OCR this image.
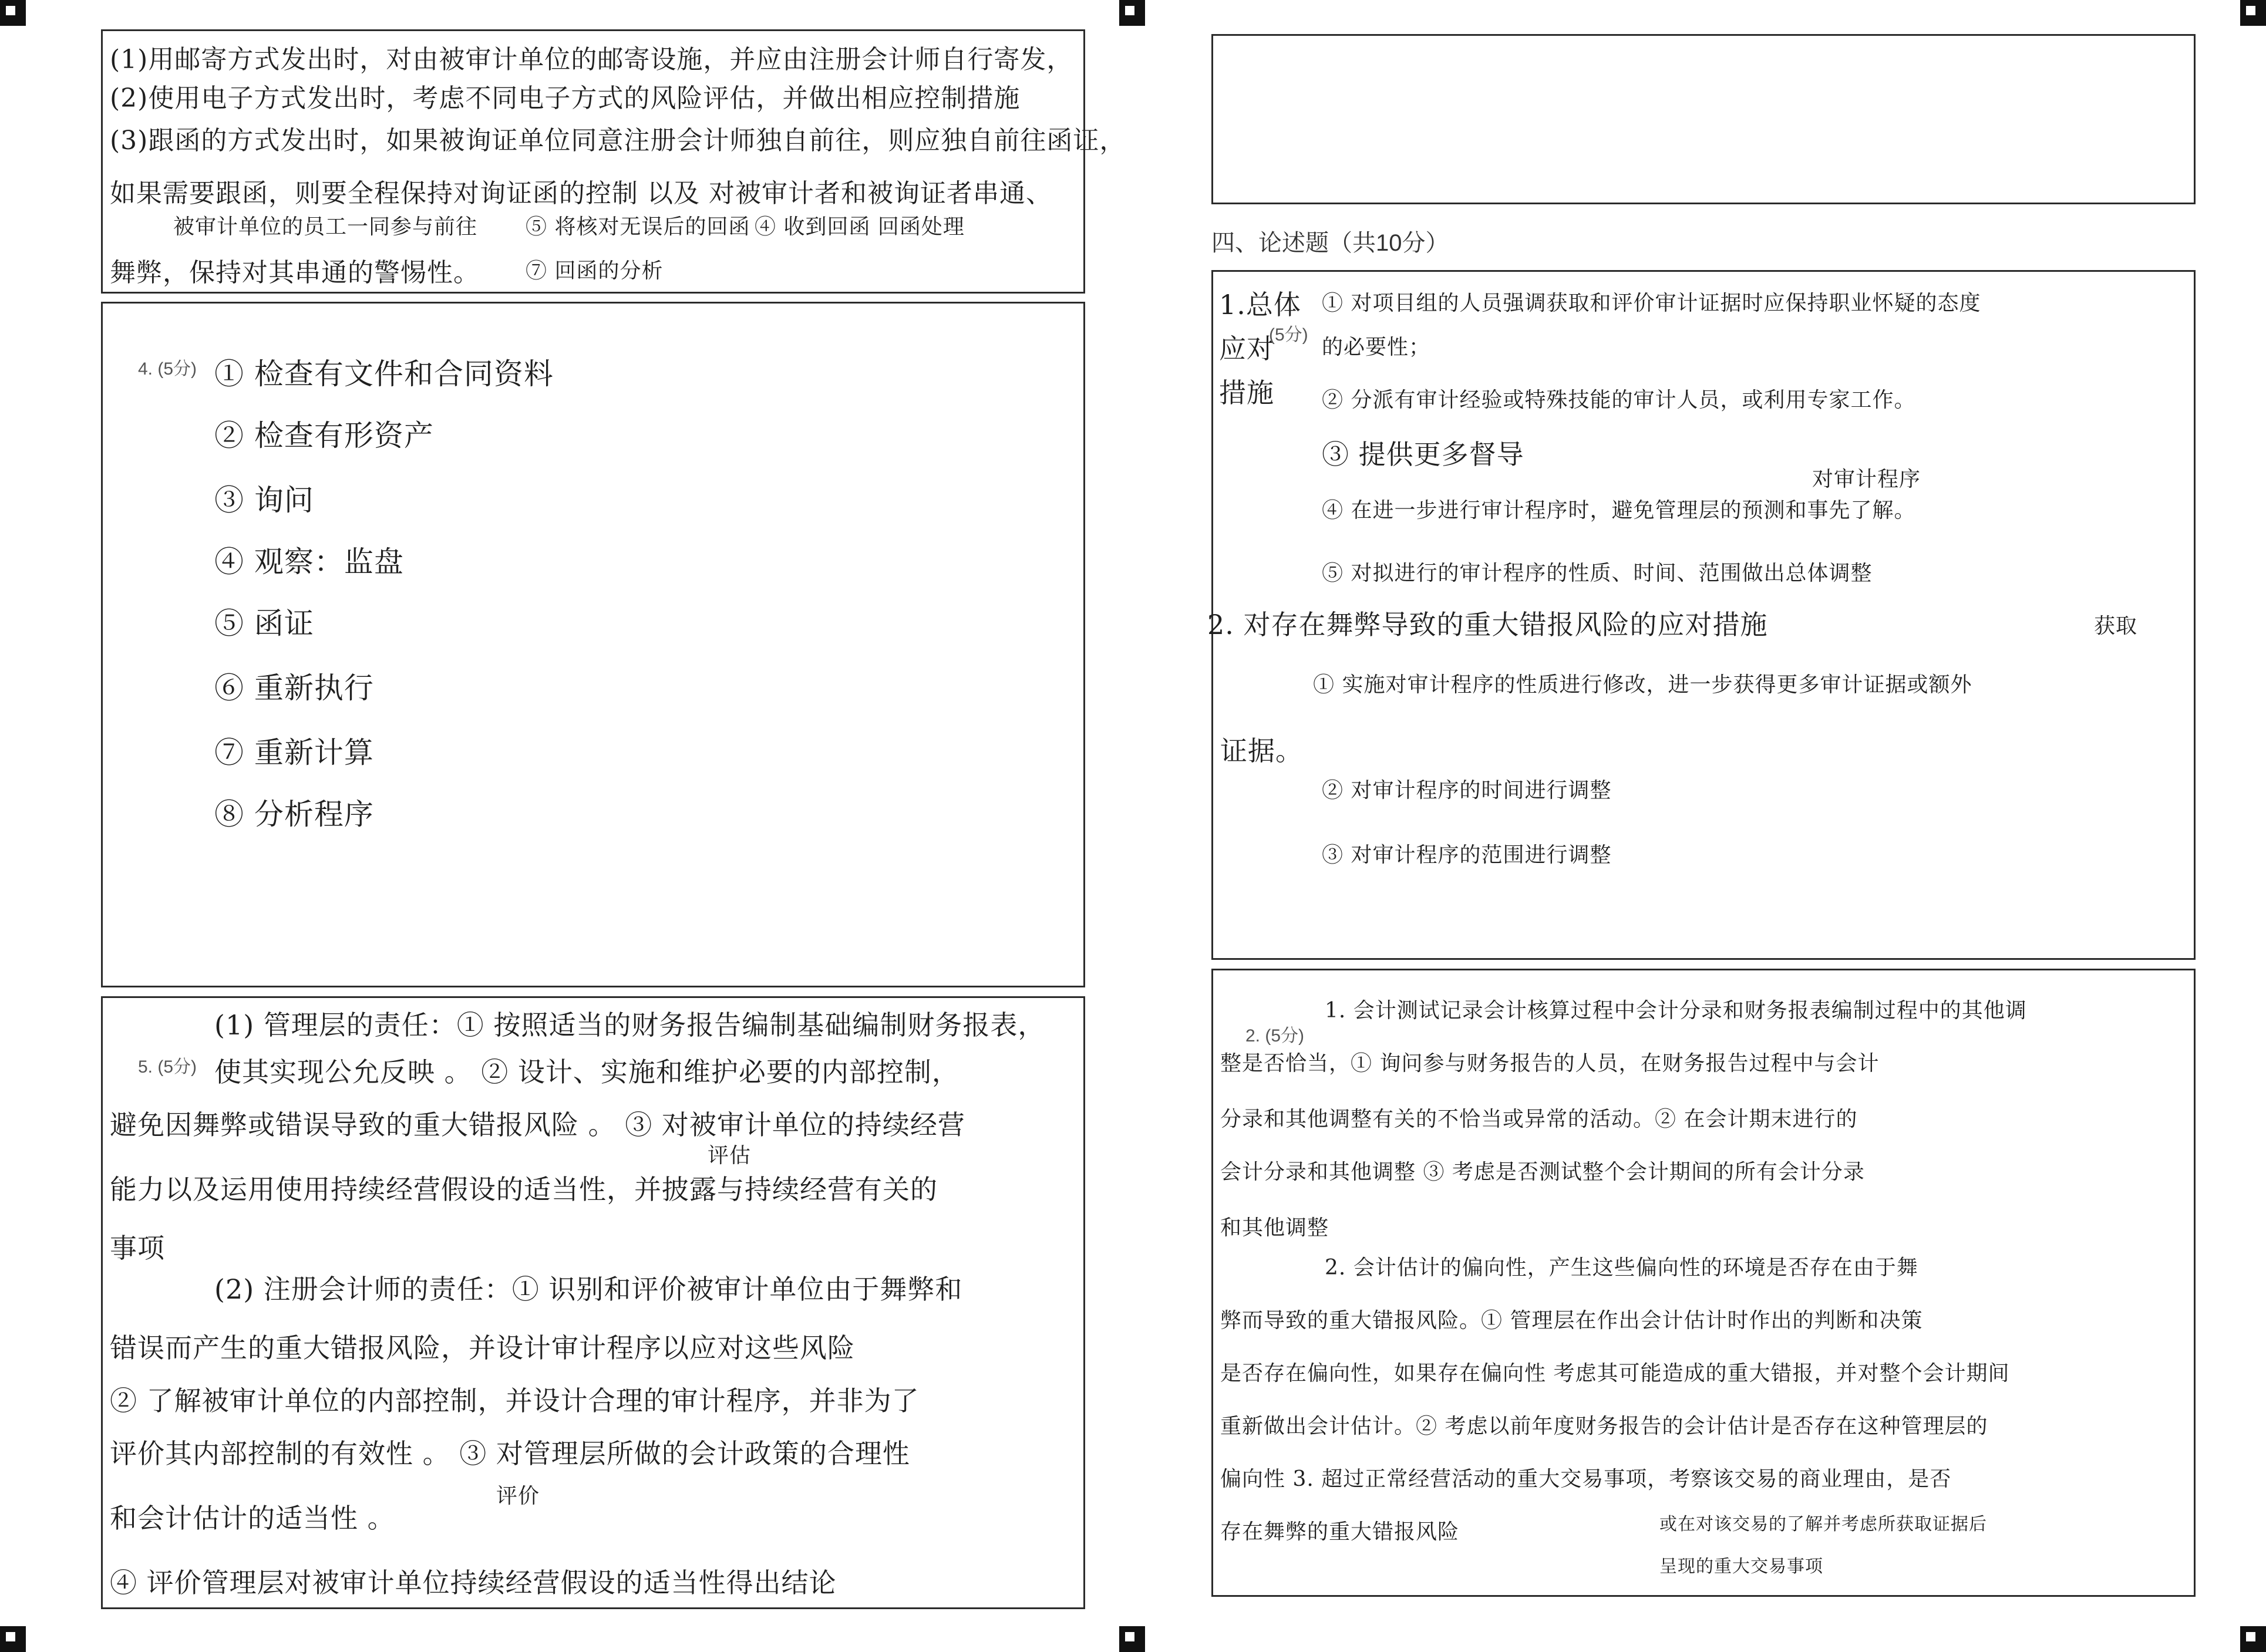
(1)用邮寄方式发出时，对由被审计单位的邮寄设施，并应由注册会计师自行寄发，

(2)使用电子方式发出时，考虑不同电子方式的风险评估，并做出相应控制措施

(3)跟函的方式发出时，如果被询证单位同意注册会计师独自前往，则应独自前往函证，

如果需要跟函，则要全程保持对询证函的控制 以及 对被审计者和被询证者串通、

被审计单位的员工一同参与前往 ⑤ 将核对无误后的回函 ④ 收到回函 回函处理

舞弊，保持对其串通的警惕性。 ⑦ 回函的分析

4. (5分) ① 检查有文件和合同资料

② 检查有形资产

③ 询问

④ 观察：监盘

⑤ 函证

⑥ 重新执行

⑦ 重新计算

⑧ 分析程序

5. (5分)

(1) 管理层的责任：① 按照适当的财务报告编制基础编制财务报表，

使其实现公允反映 。 ② 设计、实施和维护必要的内部控制，

避免因舞弊或错误导致的重大错报风险 。 ③ 对被审计单位的持续经营

评估

能力以及运用使用持续经营假设的适当性，并披露与持续经营有关的

事项

(2) 注册会计师的责任：① 识别和评价被审计单位由于舞弊和

错误而产生的重大错报风险，并设计审计程序以应对这些风险

② 了解被审计单位的内部控制，并设计合理的审计程序，并非为了

评价其内部控制的有效性 。 ③ 对管理层所做的会计政策的合理性

评价

和会计估计的适当性 。

④ 评价管理层对被审计单位持续经营假设的适当性得出结论

四、论述题（共10分）

1.总体

应对

措施

(5分)

① 对项目组的人员强调获取和评价审计证据时应保持职业怀疑的态度

的必要性；

② 分派有审计经验或特殊技能的审计人员，或利用专家工作。

③ 提供更多督导

对审计程序

④ 在进一步进行审计程序时，避免管理层的预测和事先了解。

⑤ 对拟进行的审计程序的性质、时间、范围做出总体调整

2. 对存在舞弊导致的重大错报风险的应对措施	获取

① 实施对审计程序的性质进行修改，进一步获得更多审计证据或额外

证据。

② 对审计程序的时间进行调整

③ 对审计程序的范围进行调整

2. (5分)

1. 会计测试记录会计核算过程中会计分录和财务报表编制过程中的其他调

整是否恰当，① 询问参与财务报告的人员，在财务报告过程中与会计

分录和其他调整有关的不恰当或异常的活动。② 在会计期末进行的

会计分录和其他调整 ③ 考虑是否测试整个会计期间的所有会计分录

和其他调整

2. 会计估计的偏向性，产生这些偏向性的环境是否存在由于舞

弊而导致的重大错报风险。① 管理层在作出会计估计时作出的判断和决策

是否存在偏向性，如果存在偏向性 考虑其可能造成的重大错报，并对整个会计期间

重新做出会计估计。② 考虑以前年度财务报告的会计估计是否存在这种管理层的

偏向性 3. 超过正常经营活动的重大交易事项，考察该交易的商业理由，是否

存在舞弊的重大错报风险	或在对该交易的了解并考虑所获取证据后

呈现的重大交易事项
